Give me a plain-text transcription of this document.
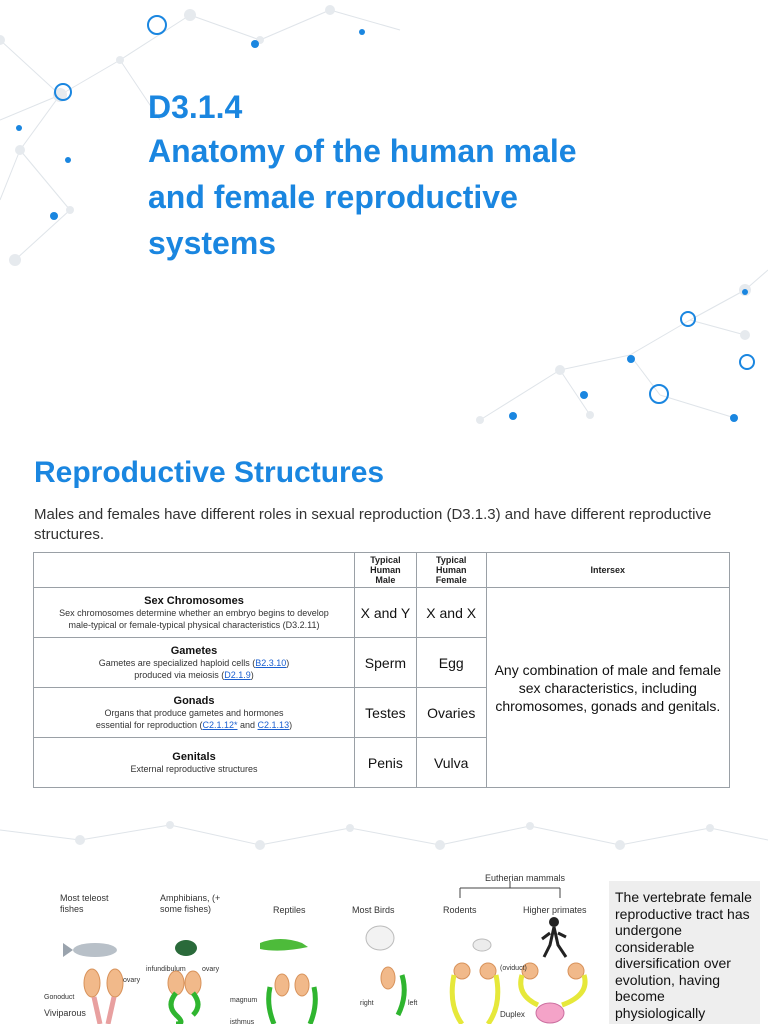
D3.1.4
Anatomy of the human male
and female reproductive
systems
Reproductive Structures
Males and females have different roles in sexual reproduction (D3.1.3) and have different reproductive structures.
	Typical Human Male	Typical Human Female	Intersex

Sex Chromosomes
Sex chromosomes determine whether an embryo begins to develop
male-typical or female-typical physical characteristics (D3.2.11)	X and Y	X and X	Any combination of male and female sex characteristics, including chromosomes, gonads and genitals.

Gametes
Gametes are specialized haploid cells (B2.3.10)
produced via meiosis (D2.1.9)	Sperm	Egg	

Gonads
Organs that produce gametes and hormones
essential for reproduction (C2.1.12* and C2.1.13)	Testes	Ovaries	

Genitals
External reproductive structures	Penis	Vulva	
Eutherian mammals
Most teleost fishes
Amphibians, (+ some fishes)	Reptiles	Most Birds	Rodents	Higher primates
infundibulum ovary
ovary
Gonoduct	magnum
isthmus
right	left
(oviduct)
Duplex
Viviparous
The vertebrate female reproductive tract has undergone considerable diversification over evolution, having become physiologically
